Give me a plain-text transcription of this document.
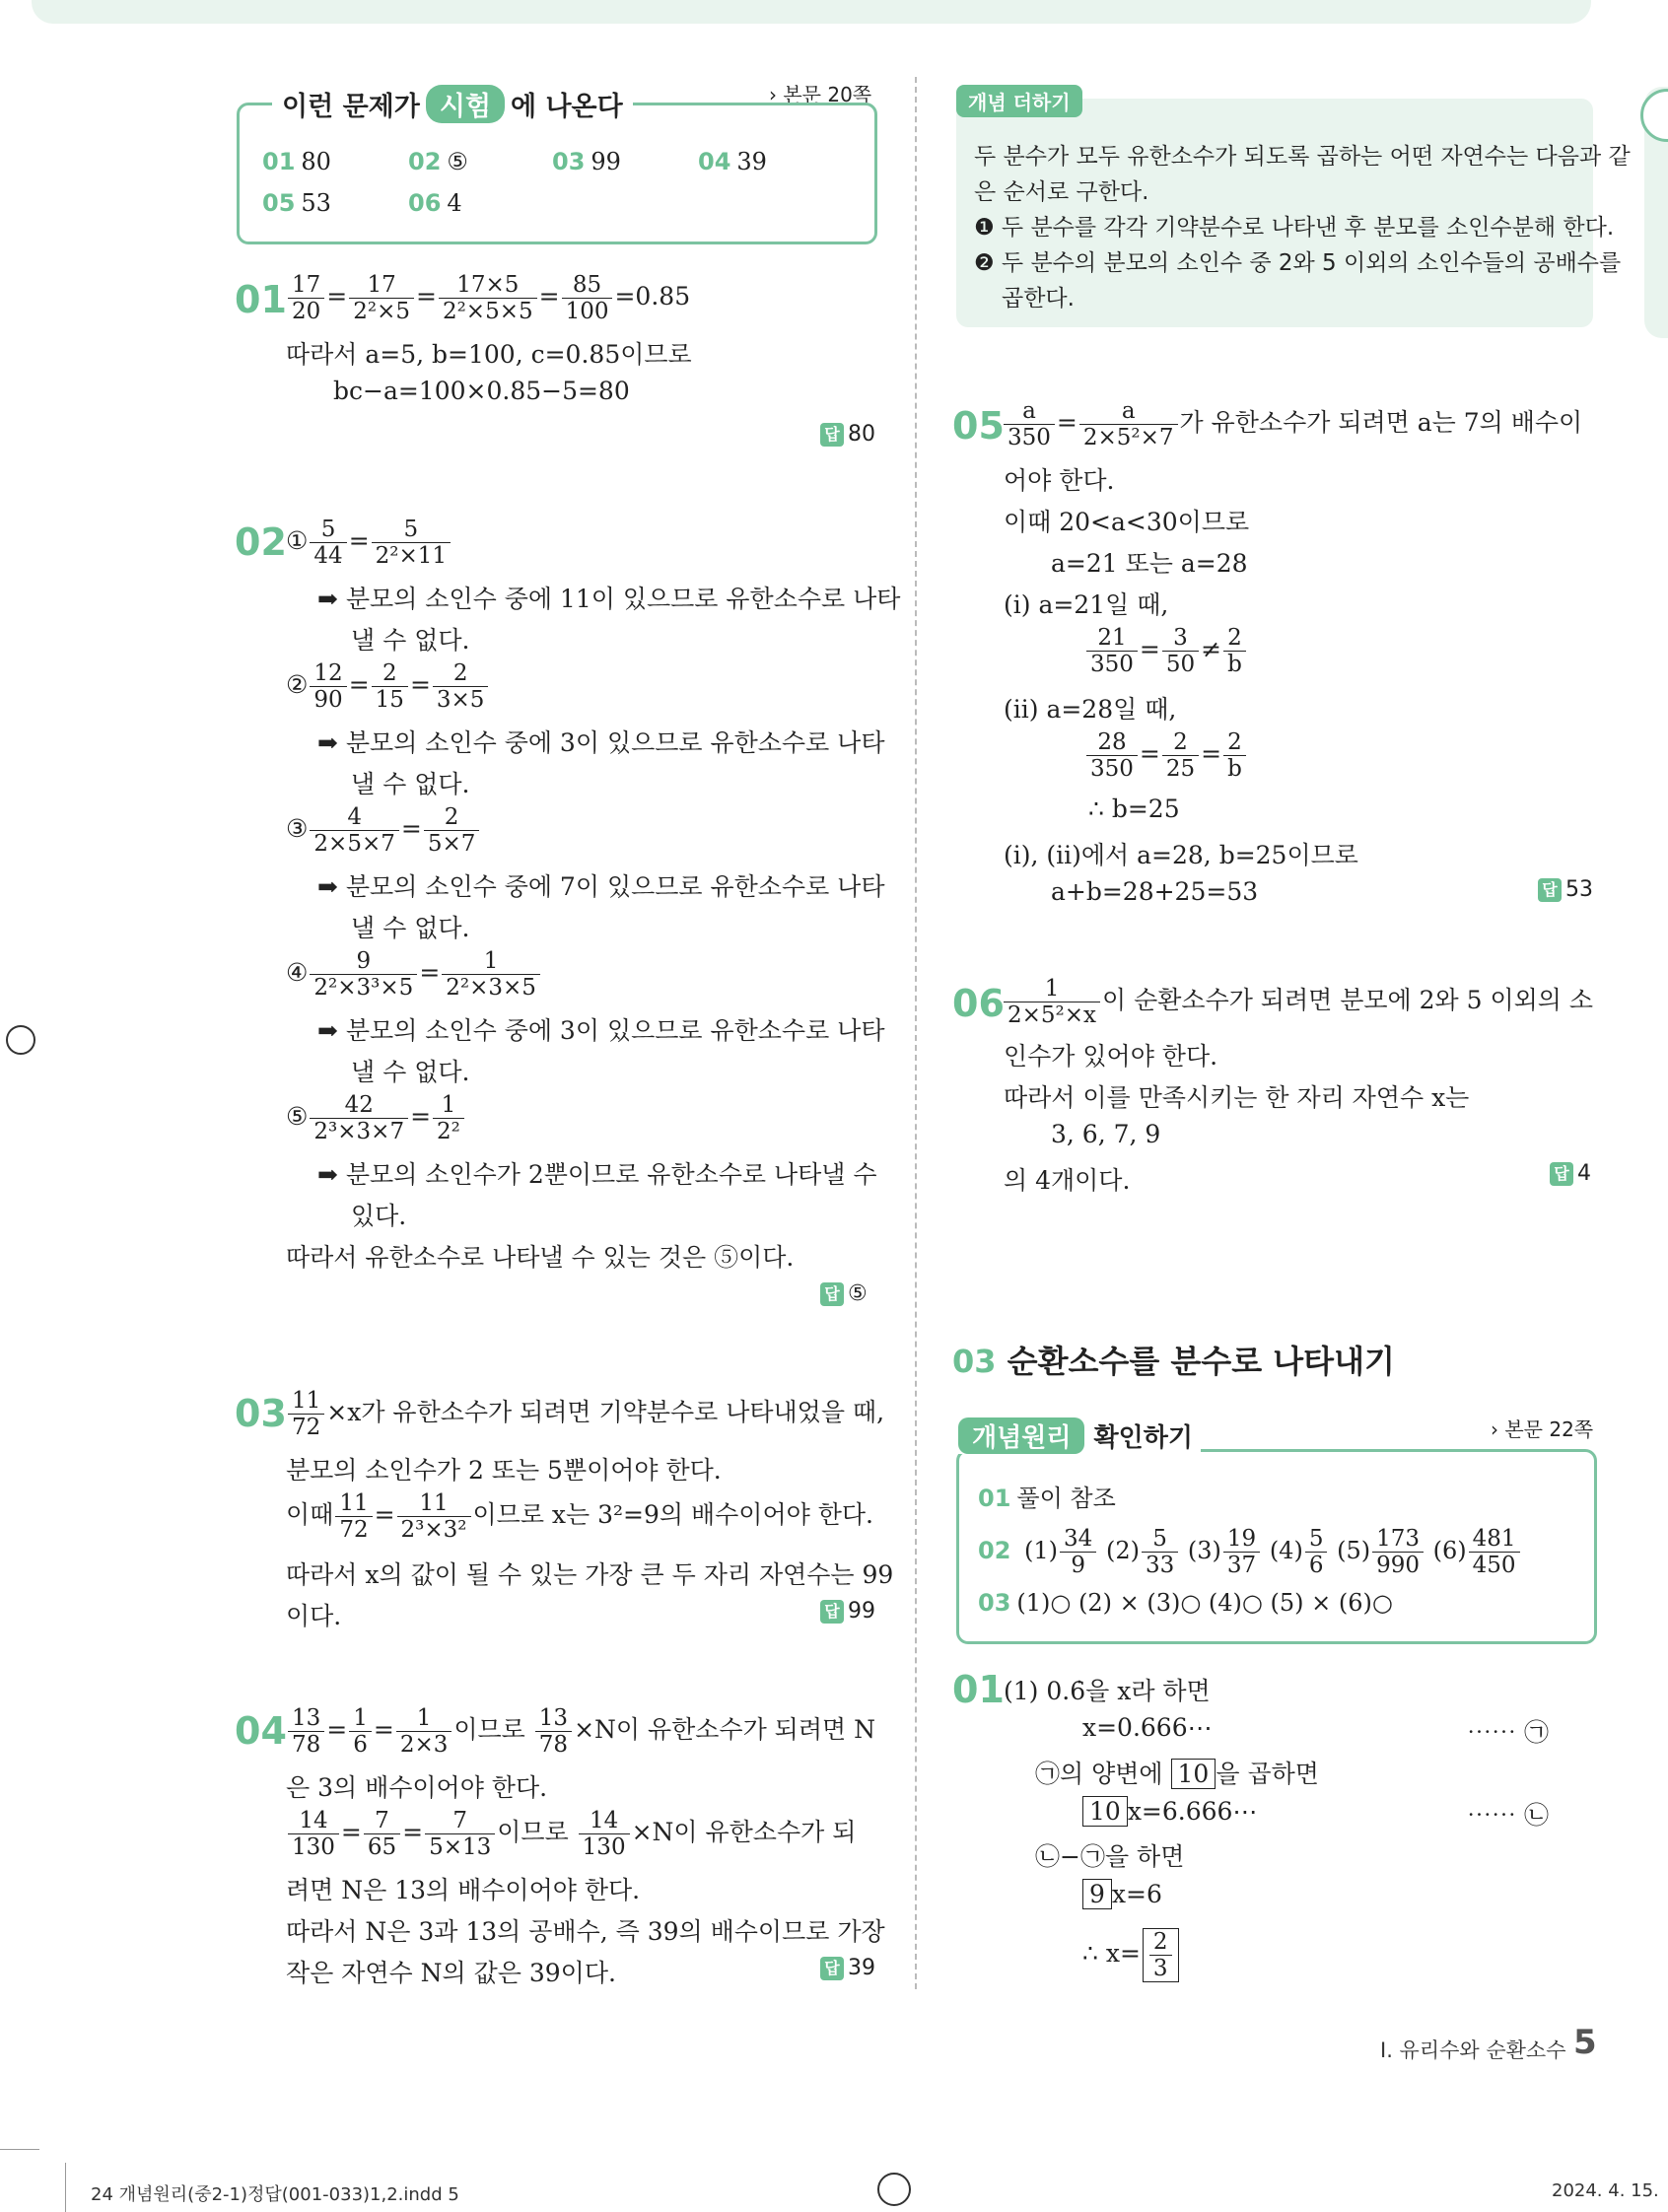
› 본문 20쪽
이런 문제가 시험 에 나온다
01 80	02 ⑤	03 99	04 39
05 53	06 4
$01 \frac{17}{20} = \frac{17}{\text{2²×5}} = \frac{17\times 5}{\text{2²×5×5}} = \frac{85}{100} =0.85$
따라서 a=5, b=100, c=0.85이므로
bc−a=100×0.85−5=80
답 80
02 ① $\frac{5}{44} = \frac{5}{\text{2²×11}}$
➡ 분모의 소인수 중에 11이 있으므로 유한소수로 나타
낼 수 없다.
② $\frac{12}{90} = \frac{2}{15} = \frac{2}{3\times 5}$
➡ 분모의 소인수 중에 3이 있으므로 유한소수로 나타
낼 수 없다.
③ $\frac{4}{2\times 5\times 7} = \frac{2}{5\times 7}$
➡ 분모의 소인수 중에 7이 있으므로 유한소수로 나타
낼 수 없다.
④ $\frac{9}{\text{2²×3³×5}} = \frac{1}{\text{2²×3×5}}$
➡ 분모의 소인수 중에 3이 있으므로 유한소수로 나타
낼 수 없다.
⑤ $\frac{42}{\text{2³×3×7}} = \frac{1}{\text{2²}}$
➡ 분모의 소인수가 2뿐이므로 유한소수로 나타낼 수
있다.
따라서 유한소수로 나타낼 수 있는 것은 ⑤이다.
답 ⑤
$03 \frac{11}{72} \times x$가 유한소수가 되려면 기약분수로 나타내었을 때,
분모의 소인수가 2 또는 5뿐이어야 한다.
이때 $\frac{11}{72} = \frac{11}{\text{2³×3²}}$ 이므로 x는 3²=9의 배수이어야 한다.
따라서 x의 값이 될 수 있는 가장 큰 두 자리 자연수는 99
이다.	답 99
$04 \frac{13}{78} = \frac{1}{6} = \frac{1}{2\times 3}$ 이므로 $\frac{13}{78} \times N$이 유한소수가 되려면 N
은 3의 배수이어야 한다.
$\frac{14}{130} = \frac{7}{65} = \frac{7}{5\times 13}$ 이므로 $\frac{14}{130} \times N$이 유한소수가 되
려면 N은 13의 배수이어야 한다.
따라서 N은 3과 13의 공배수, 즉 39의 배수이므로 가장
작은 자연수 N의 값은 39이다.	답 39
개념 더하기
두 분수가 모두 유한소수가 되도록 곱하는 어떤 자연수는 다음과 같
은 순서로 구한다.
❶ 두 분수를 각각 기약분수로 나타낸 후 분모를 소인수분해 한다.
❷ 두 분수의 분모의 소인수 중 2와 5 이외의 소인수들의 공배수를
곱한다.
$05 \frac{a}{350} = \frac{a}{\text{2×5²×7}}$ 가 유한소수가 되려면 a는 7의 배수이
어야 한다.
이때 20<a<30이므로
a=21 또는 a=28
(ⅰ) a=21일 때,
$\frac{21}{350} = \frac{3}{50} \ne \frac{2}{b}$
(ⅱ) a=28일 때,
$\frac{28}{350} = \frac{2}{25} = \frac{2}{b}$
∴ b=25
(ⅰ), (ⅱ)에서 a=28, b=25이므로
a+b=28+25=53	답 53
$06 \frac{1}{\text{2×5²×x}}$ 이 순환소수가 되려면 분모에 2와 5 이외의 소
인수가 있어야 한다.
따라서 이를 만족시키는 한 자리 자연수 x는
3, 6, 7, 9
의 4개이다.	답 4
03 순환소수를 분수로 나타내기
› 본문 22쪽
개념원리 확인하기
01 풀이 참조
02 $(1) \frac{34}{9} (2) \frac{5}{33} (3) \frac{19}{37} (4) \frac{5}{6} (5) \frac{173}{990} (6) \frac{481}{450}$
03 (1)○ (2) × (3)○ (4)○ (5) × (6)○
01 (1) 0.6̇을 x라 하면
x=0.666⋯	⋯⋯ ㉠
㉠의 양변에 10 을 곱하면
10 x=6.666⋯	⋯⋯ ㉡
㉡−㉠을 하면
9 x=6
∴ $x= \frac{2}{3}$
Ⅰ. 유리수와 순환소수 5
24 개념원리(중2-1)정답(001-033)1,2.indd 5	2024. 4. 15.
